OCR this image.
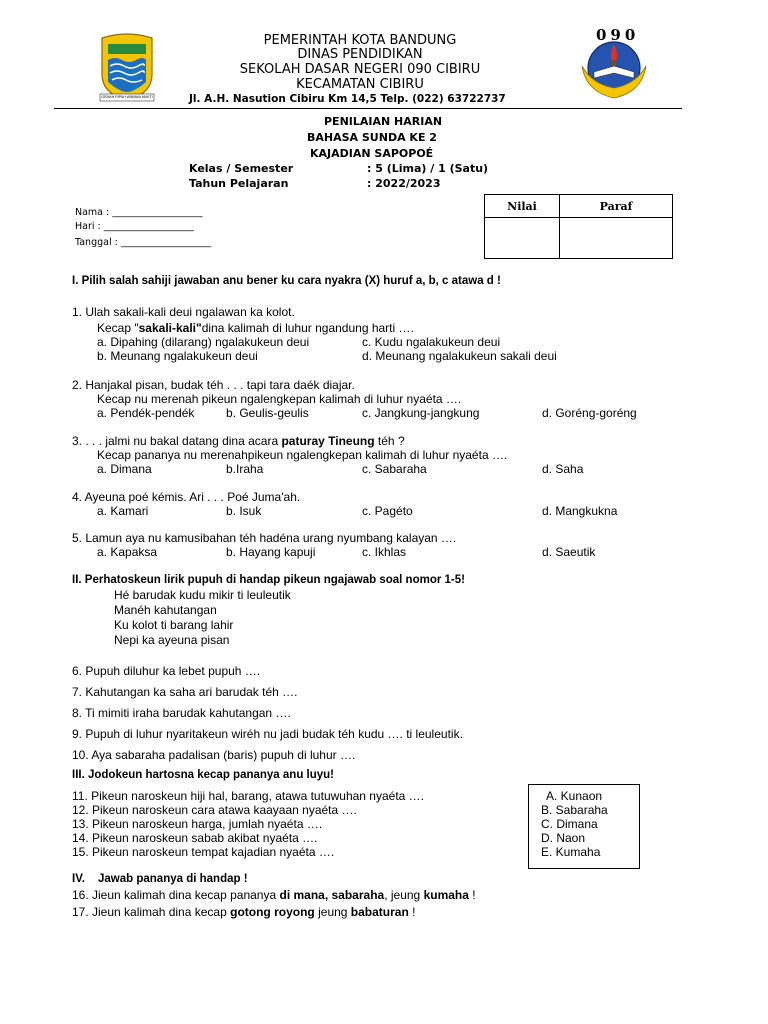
GEMAH RIPAH WIBAWA MUKTI
090
PEMERINTAH KOTA BANDUNG
DINAS PENDIDIKAN
SEKOLAH DASAR NEGERI 090 CIBIRU
KECAMATAN CIBIRU
Jl. A.H. Nasution Cibiru Km 14,5 Telp. (022) 63722737
PENILAIAN HARIAN
BAHASA SUNDA KE 2
KAJADIAN SAPOPOÉ
Kelas / Semester	: 5 (Lima) / 1 (Satu)
Tahun Pelajaran	: 2022/2023
Nama : ___________________
Hari : ___________________
Tanggal : ___________________
Nilai	Paraf

I. Pilih salah sahiji jawaban anu bener ku cara nyakra (X) huruf a, b, c atawa d !
1. Ulah sakali-kali deui ngalawan ka kolot.
Kecap "sakali-kali"dina kalimah di luhur ngandung harti ….
a. Dipahing (dilarang) ngalakukeun deui	c. Kudu ngalakukeun deui
b. Meunang ngalakukeun deui	d. Meunang ngalakukeun sakali deui
2. Hanjakal pisan, budak téh . . . tapi tara daék diajar.
Kecap nu merenah pikeun ngalengkepan kalimah di luhur nyaéta ….
a. Pendék-pendék	b. Geulis-geulis	c. Jangkung-jangkung	d. Goréng-goréng
3. . . . jalmi nu bakal datang dina acara paturay Tineung téh ?
Kecap pananya nu merenahpikeun ngalengkepan kalimah di luhur nyaéta ….
a. Dimana	b.Iraha	c. Sabaraha	d. Saha
4. Ayeuna poé kémis. Ari . . . Poé Juma'ah.
a. Kamari	b. Isuk	c. Pagéto	d. Mangkukna
5. Lamun aya nu kamusibahan téh hadéna urang nyumbang kalayan ….
a. Kapaksa	b. Hayang kapuji	c. Ikhlas	d. Saeutik
II. Perhatoskeun lirik pupuh di handap pikeun ngajawab soal nomor 1-5!
Hé barudak kudu mikir ti leuleutik
Manéh kahutangan
Ku kolot ti barang lahir
Nepi ka ayeuna pisan
6. Pupuh diluhur ka lebet pupuh ….
7. Kahutangan ka saha ari barudak téh ….
8. Ti mimiti iraha barudak kahutangan ….
9. Pupuh di luhur nyaritakeun wiréh nu jadi budak téh kudu …. ti leuleutik.
10. Aya sabaraha padalisan (baris) pupuh di luhur ….
III. Jodokeun hartosna kecap pananya anu luyu!
11. Pikeun naroskeun hiji hal, barang, atawa tutuwuhan nyaéta ….
12. Pikeun naroskeun cara atawa kaayaan nyaéta ….
13. Pikeun naroskeun harga, jumlah nyaéta ….
14. Pikeun naroskeun sabab akibat nyaéta ….
15. Pikeun naroskeun tempat kajadian nyaéta ….
A. Kunaon
B. Sabaraha
C. Dimana
D. Naon
E. Kumaha
IV. Jawab pananya di handap !
16. Jieun kalimah dina kecap pananya di mana, sabaraha, jeung kumaha !
17. Jieun kalimah dina kecap gotong royong jeung babaturan !
